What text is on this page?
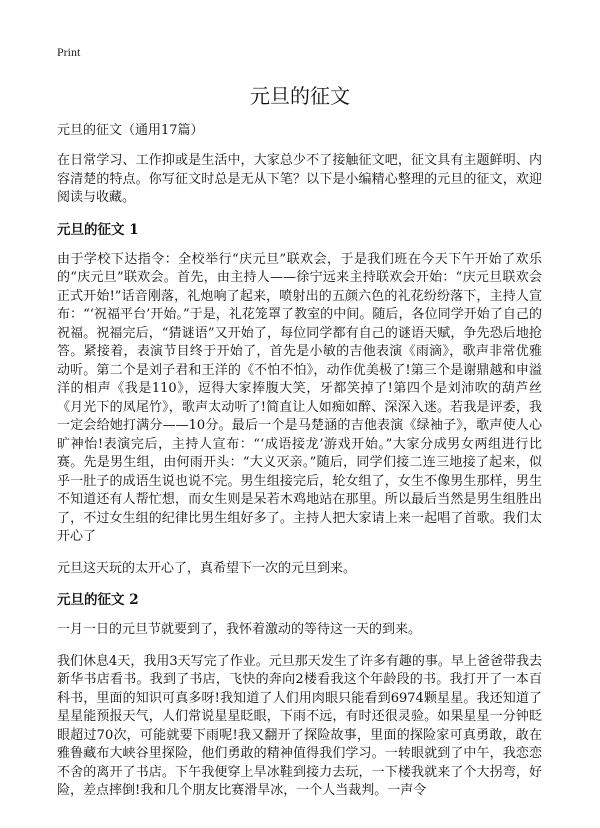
Print
元旦的征文
元旦的征文（通用17篇）

在日常学习、工作抑或是生活中，大家总少不了接触征文吧，征文具有主题鲜明、内容清楚的特点。你写征文时总是无从下笔？以下是小编精心整理的元旦的征文，欢迎阅读与收藏。

元旦的征文 1

由于学校下达指令：全校举行“庆元旦”联欢会，于是我们班在今天下午开始了欢乐的“庆元旦”联欢会。首先，由主持人——徐宁远来主持联欢会开始：“庆元旦联欢会正式开始!”话音刚落，礼炮响了起来，喷射出的五颜六色的礼花纷纷落下，主持人宣布：“‘祝福平台’开始。”于是，礼花笼罩了教室的中间。随后，各位同学开始了自己的祝福。祝福完后，“猜谜语”又开始了，每位同学都有自己的谜语天赋，争先恐后地抢答。紧接着，表演节目终于开始了，首先是小敏的吉他表演《雨滴》，歌声非常优雅动听。第二个是刘子君和王洋的《不怕不怕》，动作优美极了!第三个是谢鼎越和申溢洋的相声《我是110》，逗得大家捧腹大笑，牙都笑掉了!第四个是刘沛吹的葫芦丝《月光下的凤尾竹》，歌声太动听了!简直让人如痴如醉、深深入迷。若我是评委，我一定会给她打满分——10分。最后一个是马楚涵的吉他表演《绿袖子》，歌声使人心旷神怡!表演完后，主持人宣布：“‘成语接龙’游戏开始。”大家分成男女两组进行比赛。先是男生组，由何雨开头：“大义灭亲。”随后，同学们接二连三地接了起来，似乎一肚子的成语生说也说不完。男生组接完后，轮女组了，女生不像男生那样，男生不知道还有人帮忙想，而女生则是呆若木鸡地站在那里。所以最后当然是男生组胜出了，不过女生组的纪律比男生组好多了。主持人把大家请上来一起唱了首歌。我们太开心了

元旦这天玩的太开心了，真希望下一次的元旦到来。

元旦的征文 2

一月一日的元旦节就要到了，我怀着激动的等待这一天的到来。

我们休息4天，我用3天写完了作业。元旦那天发生了许多有趣的事。早上爸爸带我去新华书店看书。我到了书店，飞快的奔向2楼看我这个年龄段的书。我打开了一本百科书，里面的知识可真多呀!我知道了人们用肉眼只能看到6974颗星星。我还知道了星星能预报天气，人们常说星星眨眼，下雨不远，有时还很灵验。如果星星一分钟眨眼超过70次，可能就要下雨呢!我又翻开了探险故事，里面的探险家可真勇敢，敢在雅鲁藏布大峡谷里探险，他们勇敢的精神值得我们学习。一转眼就到了中午，我恋恋不舍的离开了书店。下午我便穿上旱冰鞋到接力去玩，一下楼我就来了个大拐弯，好险，差点摔倒!我和几个朋友比赛滑旱冰，一个人当裁判。一声令
